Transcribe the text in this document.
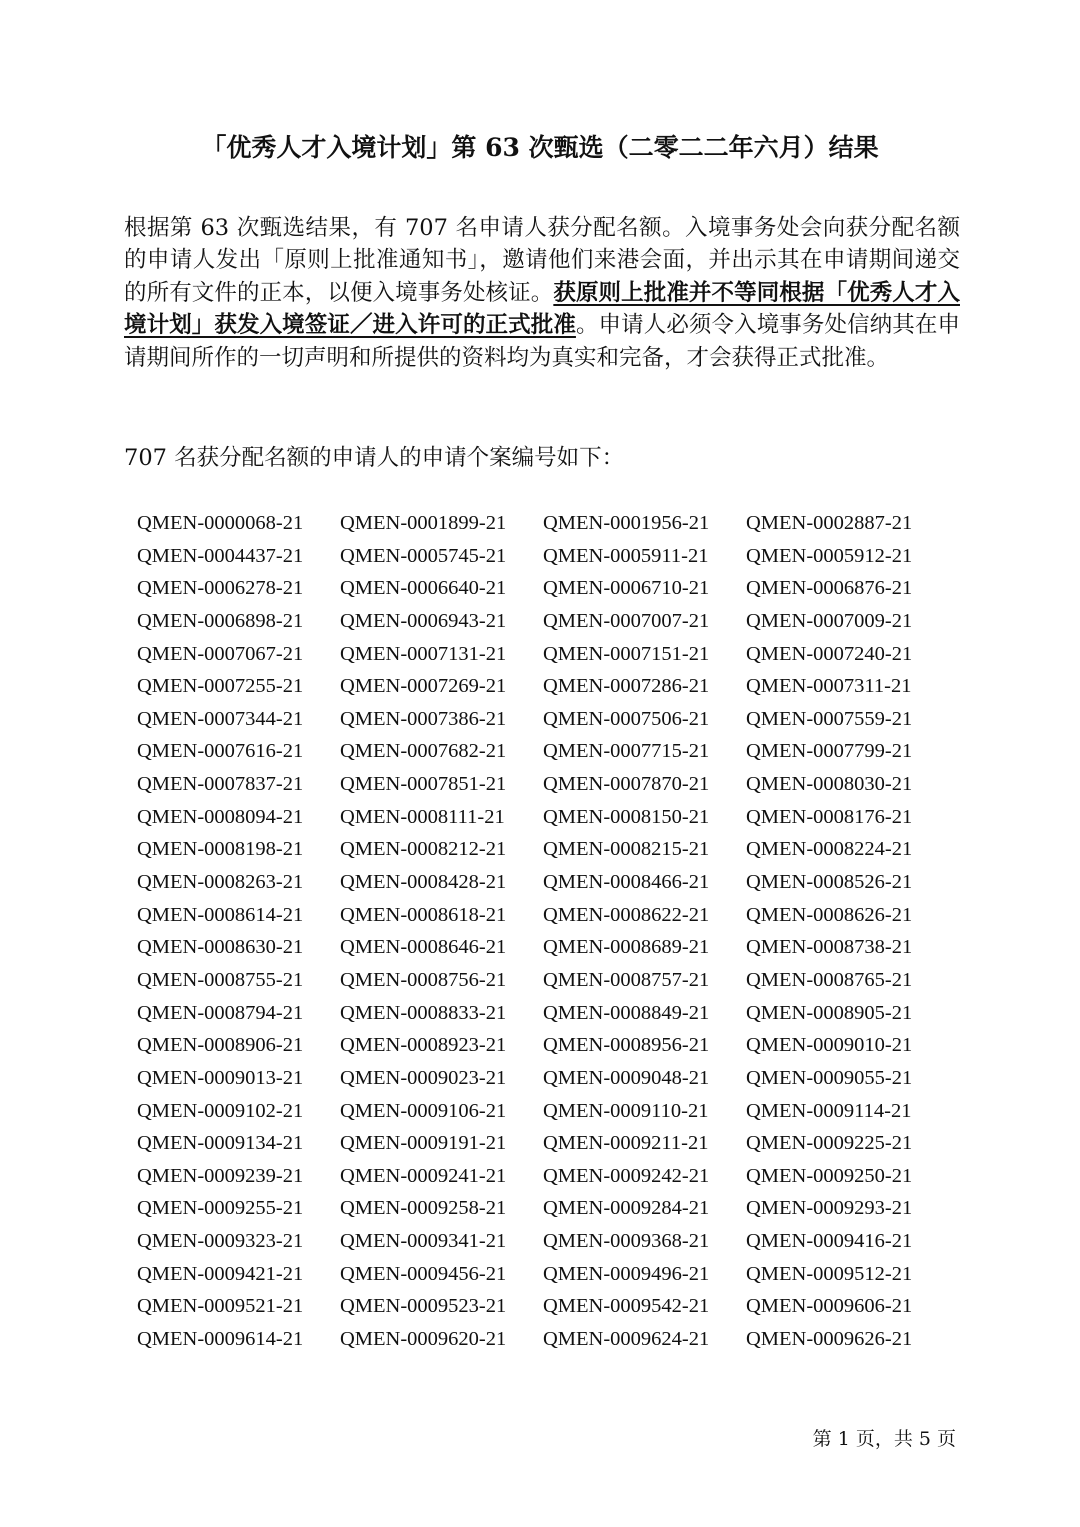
「优秀人才入境计划」第 63 次甄选（二零二二年六月）结果
根据第 63 次甄选结果，有 707 名申请人获分配名额。入境事务处会向获分配名额的申请人发出「原则上批准通知书」，邀请他们来港会面，并出示其在申请期间递交的所有文件的正本，以便入境事务处核证。获原则上批准并不等同根据「优秀人才入境计划」获发入境签证／进入许可的正式批准。申请人必须令入境事务处信纳其在申请期间所作的一切声明和所提供的资料均为真实和完备，才会获得正式批准。
707 名获分配名额的申请人的申请个案编号如下：
QMEN-0000068-21	QMEN-0001899-21	QMEN-0001956-21	QMEN-0002887-21
QMEN-0004437-21	QMEN-0005745-21	QMEN-0005911-21	QMEN-0005912-21
QMEN-0006278-21	QMEN-0006640-21	QMEN-0006710-21	QMEN-0006876-21
QMEN-0006898-21	QMEN-0006943-21	QMEN-0007007-21	QMEN-0007009-21
QMEN-0007067-21	QMEN-0007131-21	QMEN-0007151-21	QMEN-0007240-21
QMEN-0007255-21	QMEN-0007269-21	QMEN-0007286-21	QMEN-0007311-21
QMEN-0007344-21	QMEN-0007386-21	QMEN-0007506-21	QMEN-0007559-21
QMEN-0007616-21	QMEN-0007682-21	QMEN-0007715-21	QMEN-0007799-21
QMEN-0007837-21	QMEN-0007851-21	QMEN-0007870-21	QMEN-0008030-21
QMEN-0008094-21	QMEN-0008111-21	QMEN-0008150-21	QMEN-0008176-21
QMEN-0008198-21	QMEN-0008212-21	QMEN-0008215-21	QMEN-0008224-21
QMEN-0008263-21	QMEN-0008428-21	QMEN-0008466-21	QMEN-0008526-21
QMEN-0008614-21	QMEN-0008618-21	QMEN-0008622-21	QMEN-0008626-21
QMEN-0008630-21	QMEN-0008646-21	QMEN-0008689-21	QMEN-0008738-21
QMEN-0008755-21	QMEN-0008756-21	QMEN-0008757-21	QMEN-0008765-21
QMEN-0008794-21	QMEN-0008833-21	QMEN-0008849-21	QMEN-0008905-21
QMEN-0008906-21	QMEN-0008923-21	QMEN-0008956-21	QMEN-0009010-21
QMEN-0009013-21	QMEN-0009023-21	QMEN-0009048-21	QMEN-0009055-21
QMEN-0009102-21	QMEN-0009106-21	QMEN-0009110-21	QMEN-0009114-21
QMEN-0009134-21	QMEN-0009191-21	QMEN-0009211-21	QMEN-0009225-21
QMEN-0009239-21	QMEN-0009241-21	QMEN-0009242-21	QMEN-0009250-21
QMEN-0009255-21	QMEN-0009258-21	QMEN-0009284-21	QMEN-0009293-21
QMEN-0009323-21	QMEN-0009341-21	QMEN-0009368-21	QMEN-0009416-21
QMEN-0009421-21	QMEN-0009456-21	QMEN-0009496-21	QMEN-0009512-21
QMEN-0009521-21	QMEN-0009523-21	QMEN-0009542-21	QMEN-0009606-21
QMEN-0009614-21	QMEN-0009620-21	QMEN-0009624-21	QMEN-0009626-21
第 1 页，共 5 页
